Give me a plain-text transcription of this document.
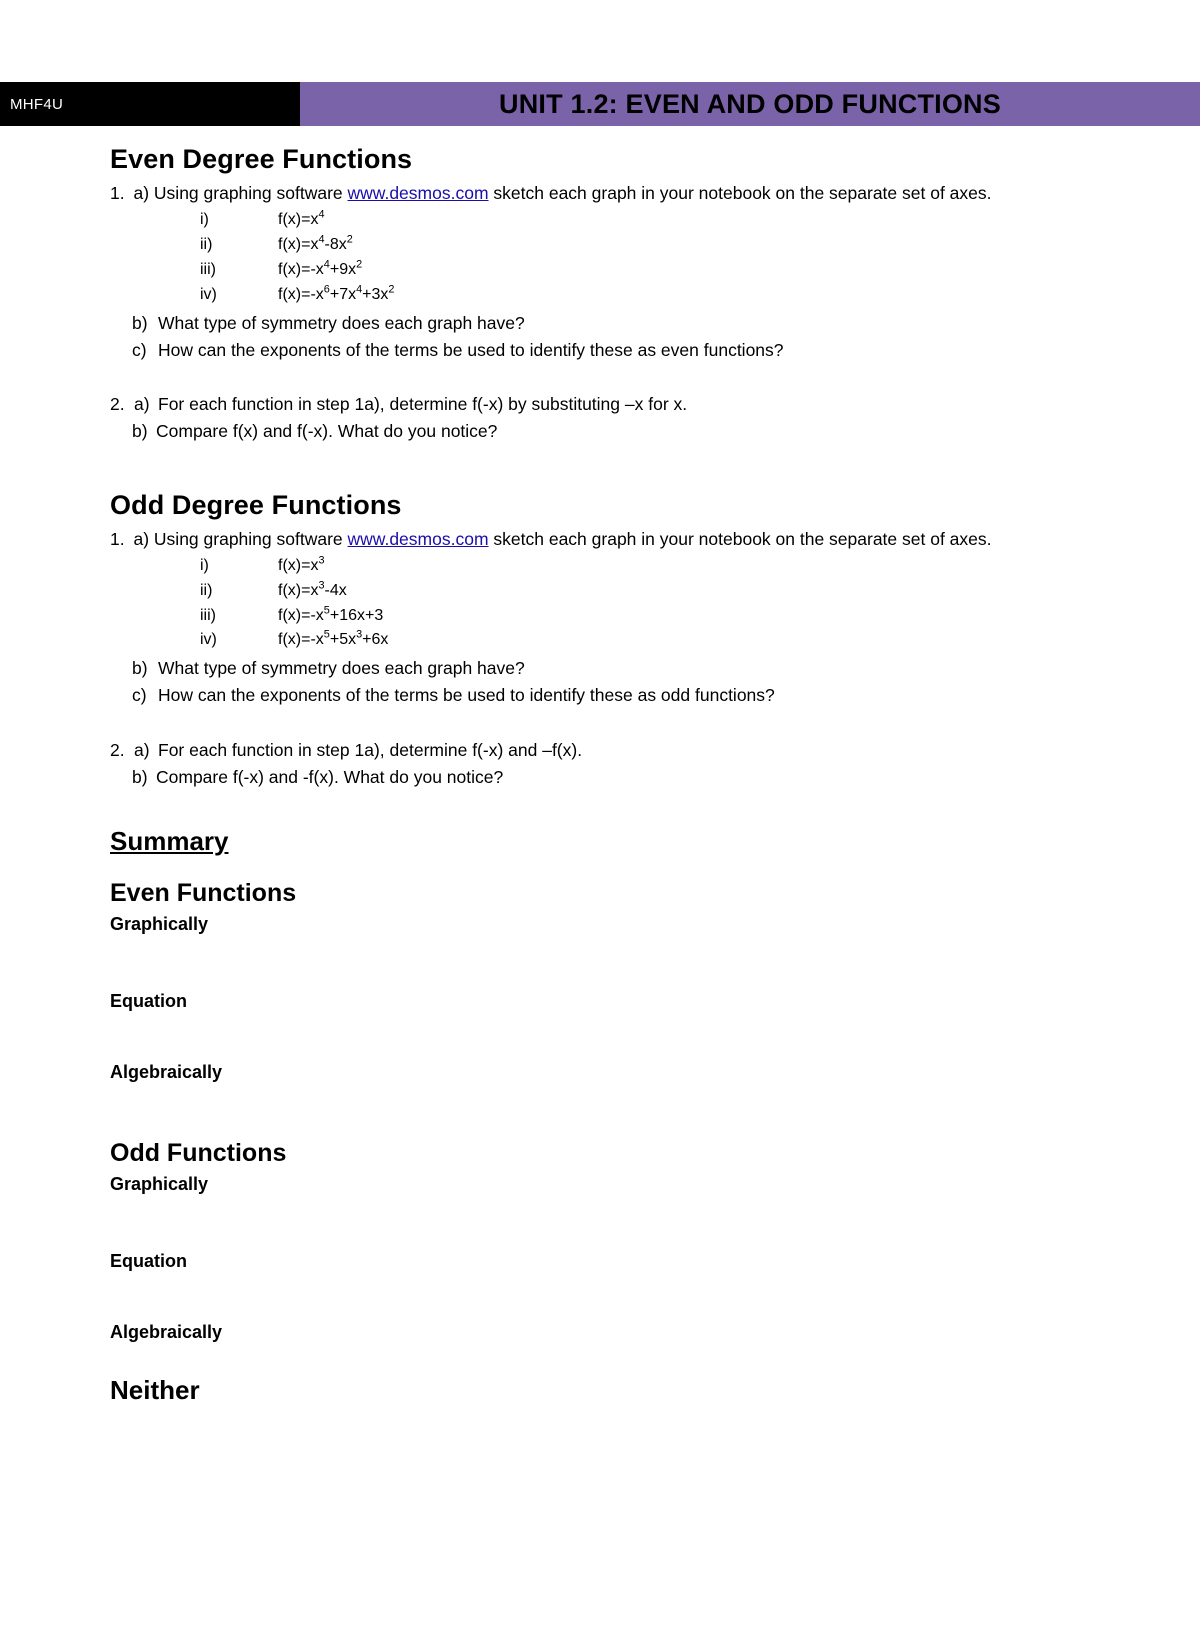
MHF4U	UNIT 1.2: EVEN AND ODD FUNCTIONS
Even Degree Functions

1. a) Using graphing software www.desmos.com sketch each graph in your notebook on the separate set of axes.

i)	$f(x)=x^4$
ii)	$f(x)=x^4-8x^2$
iii)	$f(x)=-x^4+9x^2$
iv)	$f(x)=-x^6+7x^4+3x^2$
b) What type of symmetry does each graph have?
c) How can the exponents of the terms be used to identify these as even functions?
2. a) For each function in step 1a), determine f(-x) by substituting –x for x.
b) Compare f(x) and f(-x). What do you notice?
Odd Degree Functions

1. a) Using graphing software www.desmos.com sketch each graph in your notebook on the separate set of axes.

i)	$f(x)=x^3$
ii)	$f(x)=x^3-4x$
iii)	$f(x)=-x^5+16x+3$
iv)	$f(x)=-x^5+5x^3+6x$
b) What type of symmetry does each graph have?
c) How can the exponents of the terms be used to identify these as odd functions?
2. a) For each function in step 1a), determine f(-x) and –f(x).
b) Compare f(-x) and -f(x). What do you notice?
Summary
Even Functions

Graphically

Equation

Algebraically

Odd Functions

Graphically

Equation

Algebraically

Neither
